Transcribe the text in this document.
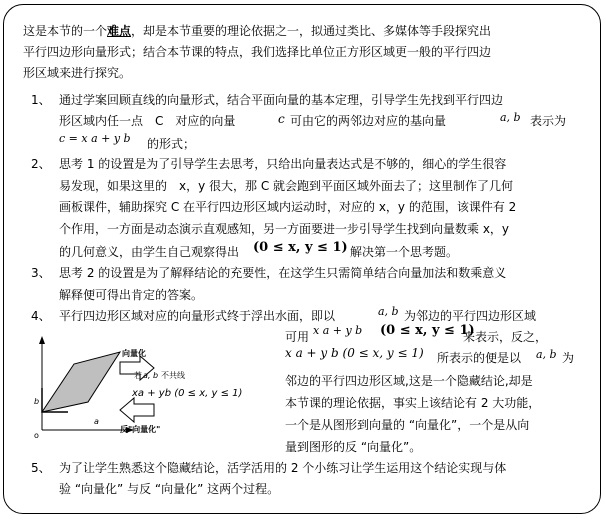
这是本节的一个难点，却是本节重要的理论依据之一，拟通过类比、多媒体等手段探究出
平行四边形向量形式；结合本节课的特点，我们选择比单位正方形区域更一般的平行四边
形区域来进行探究。
1、 通过学案回顾直线的向量形式，结合平面向量的基本定理，引导学生先找到平行四边
形区域内任一点　C　对应的向量	c 可由它的两邻边对应的基向量	a, b 表示为
c = x a + y b 的形式；
2、 思考 1 的设置是为了引导学生去思考，只给出向量表达式是不够的，细心的学生很容
易发现，如果这里的　x，y 很大，那 C 就会跑到平面区域外面去了；这里制作了几何
画板课件，辅助探究 C 在平行四边形区域内运动时，对应的 x，y 的范围，该课件有 2
个作用，一方面是动态演示直观感知，另一方面要进一步引导学生找到向量数乘 x，y
的几何意义，由学生自己观察得出 (0 ≤ x, y ≤ 1) 解决第一个思考题。
3、 思考 2 的设置是为了解释结论的充要性，在这学生只需简单结合向量加法和数乘意义
解释便可得出肯定的答案。
4、 平行四边形区域对应的向量形式终于浮出水面，即以	a, b 为邻边的平行四边形区域
可用 x a + y b (0 ≤ x, y ≤ 1)
来表示，反之，
x a + y b (0 ≤ x, y ≤ 1) 所表示的便是以 a, b 为
邻边的平行四边形区域,这是一个隐藏结论,却是
本节课的理论依据，事实上该结论有 2 大功能，
一个是从图形到向量的 “向量化”，一个是从向
量到图形的反 “向量化”。
b
a
o
向量化
若 a, b 不共线
xa + yb (0 ≤ x, y ≤ 1)
反"向量化"
5、 为了让学生熟悉这个隐藏结论，活学活用的 2 个小练习让学生运用这个结论实现与体
验 “向量化” 与反 “向量化” 这两个过程。
